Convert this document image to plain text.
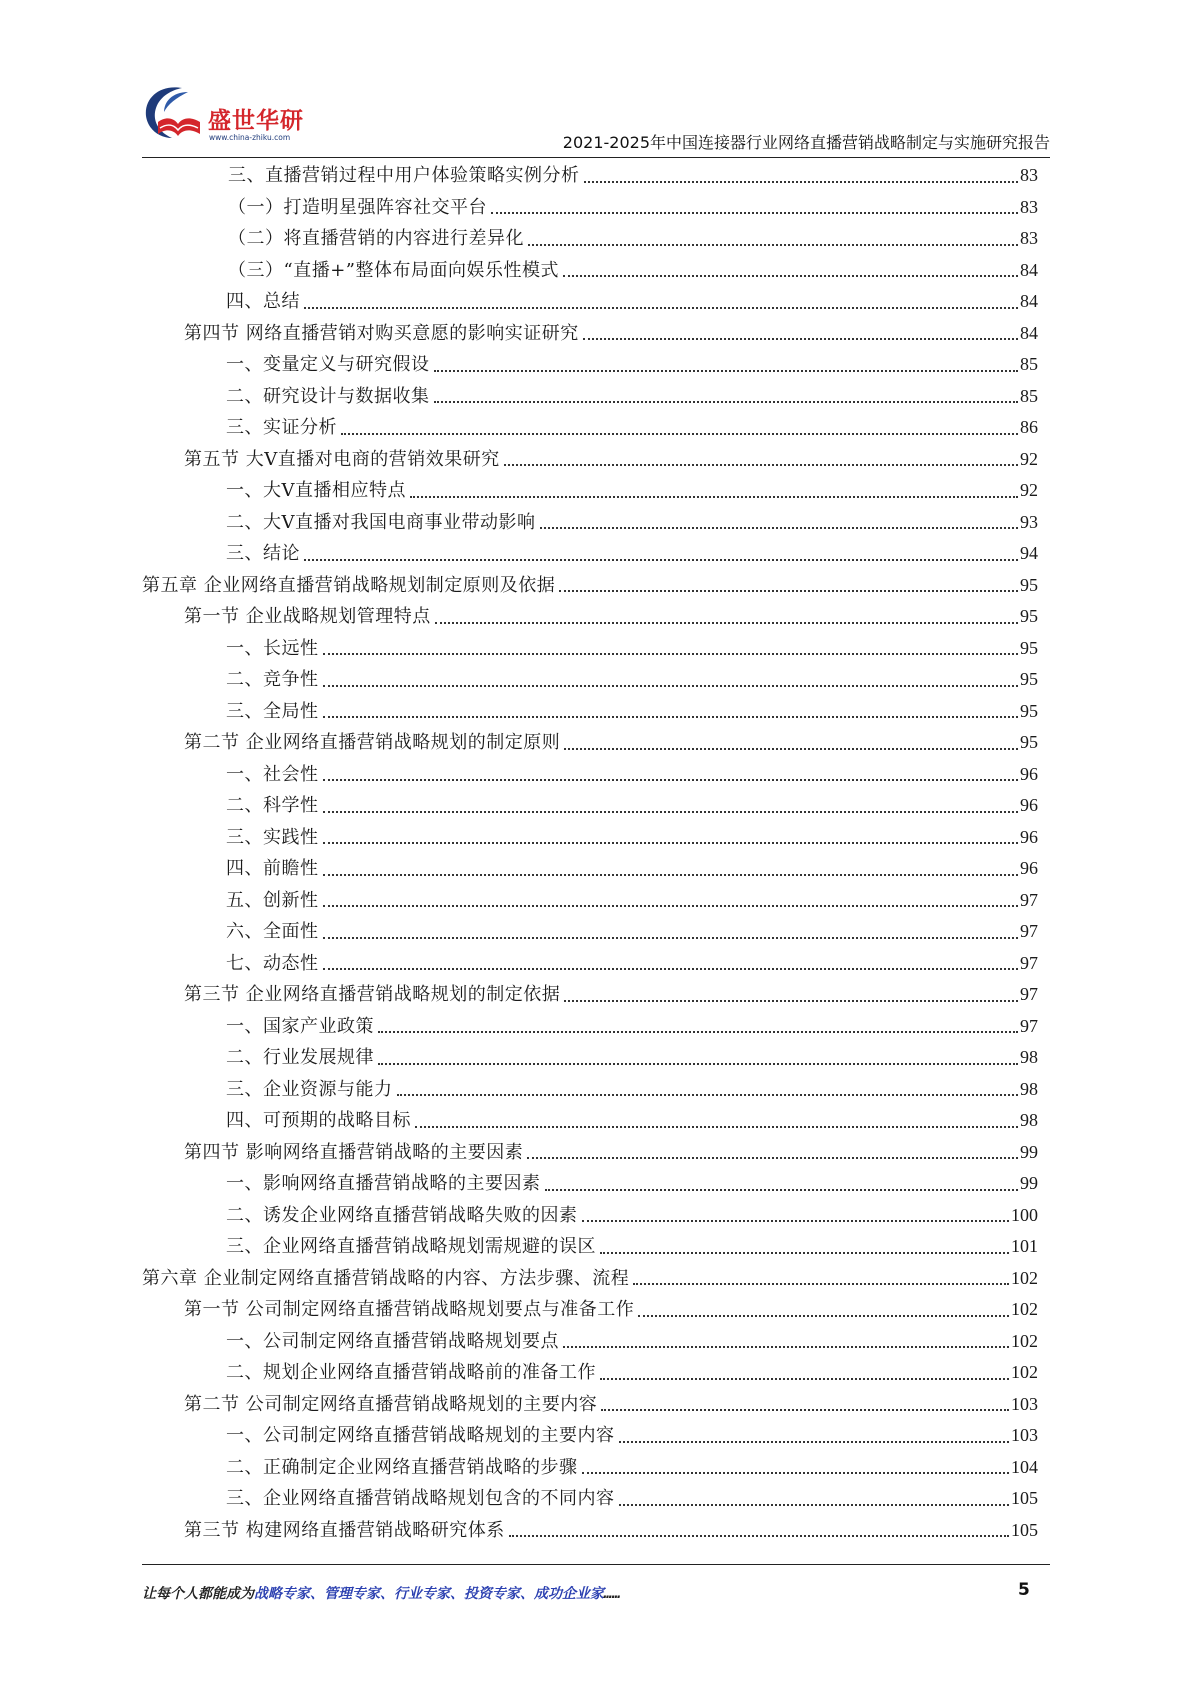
盛世华研
www.china-zhiku.com	2021-2025年中国连接器行业网络直播营销战略制定与实施研究报告
三、直播营销过程中用户体验策略实例分析	83
（一）打造明星强阵容社交平台	83
（二）将直播营销的内容进行差异化	83
（三）“直播+”整体布局面向娱乐性模式	84
四、总结	84
第四节 网络直播营销对购买意愿的影响实证研究	84
一、变量定义与研究假设	85
二、研究设计与数据收集	85
三、实证分析	86
第五节 大V直播对电商的营销效果研究	92
一、大V直播相应特点	92
二、大V直播对我国电商事业带动影响	93
三、结论	94
第五章 企业网络直播营销战略规划制定原则及依据	95
第一节 企业战略规划管理特点	95
一、长远性	95
二、竞争性	95
三、全局性	95
第二节 企业网络直播营销战略规划的制定原则	95
一、社会性	96
二、科学性	96
三、实践性	96
四、前瞻性	96
五、创新性	97
六、全面性	97
七、动态性	97
第三节 企业网络直播营销战略规划的制定依据	97
一、国家产业政策	97
二、行业发展规律	98
三、企业资源与能力	98
四、可预期的战略目标	98
第四节 影响网络直播营销战略的主要因素	99
一、影响网络直播营销战略的主要因素	99
二、诱发企业网络直播营销战略失败的因素	100
三、企业网络直播营销战略规划需规避的误区	101
第六章 企业制定网络直播营销战略的内容、方法步骤、流程	102
第一节 公司制定网络直播营销战略规划要点与准备工作	102
一、公司制定网络直播营销战略规划要点	102
二、规划企业网络直播营销战略前的准备工作	102
第二节 公司制定网络直播营销战略规划的主要内容	103
一、公司制定网络直播营销战略规划的主要内容	103
二、正确制定企业网络直播营销战略的步骤	104
三、企业网络直播营销战略规划包含的不同内容	105
第三节 构建网络直播营销战略研究体系	105
让每个人都能成为战略专家、管理专家、行业专家、投资专家、成功企业家……	5
